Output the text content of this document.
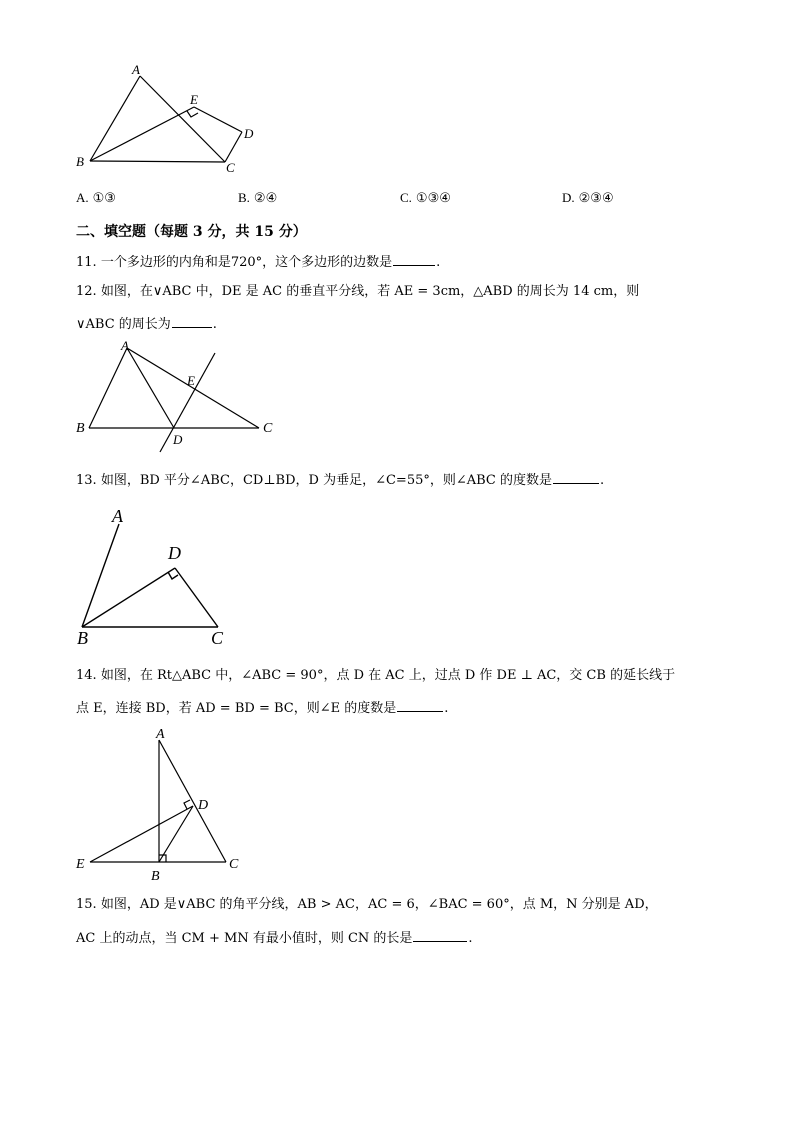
A
B	C
D
E
A. ①③	B. ②④	C. ①③④	D. ②③④
二、填空题（每题 3 分，共 15 分）
11. 一个多边形的内角和是720°，这个多边形的边数是	.
12. 如图，在∨ABC 中，DE 是 AC 的垂直平分线，若 AE = 3cm，△ABD 的周长为 14 cm，则
∨ABC 的周长为	.
A
B	C
D
E
13. 如图，BD 平分∠ABC，CD⊥BD，D 为垂足，∠C=55°，则∠ABC 的度数是	.
A
B	C
D
14. 如图，在 Rt△ABC 中，∠ABC = 90°，点 D 在 AC 上，过点 D 作 DE ⊥ AC，交 CB 的延长线于
点 E，连接 BD，若 AD = BD = BC，则∠E 的度数是	.
A
E
B
C
D
15. 如图，AD 是∨ABC 的角平分线，AB > AC，AC = 6，∠BAC = 60°，点 M，N 分别是 AD，
AC 上的动点，当 CM + MN 有最小值时，则 CN 的长是	.
